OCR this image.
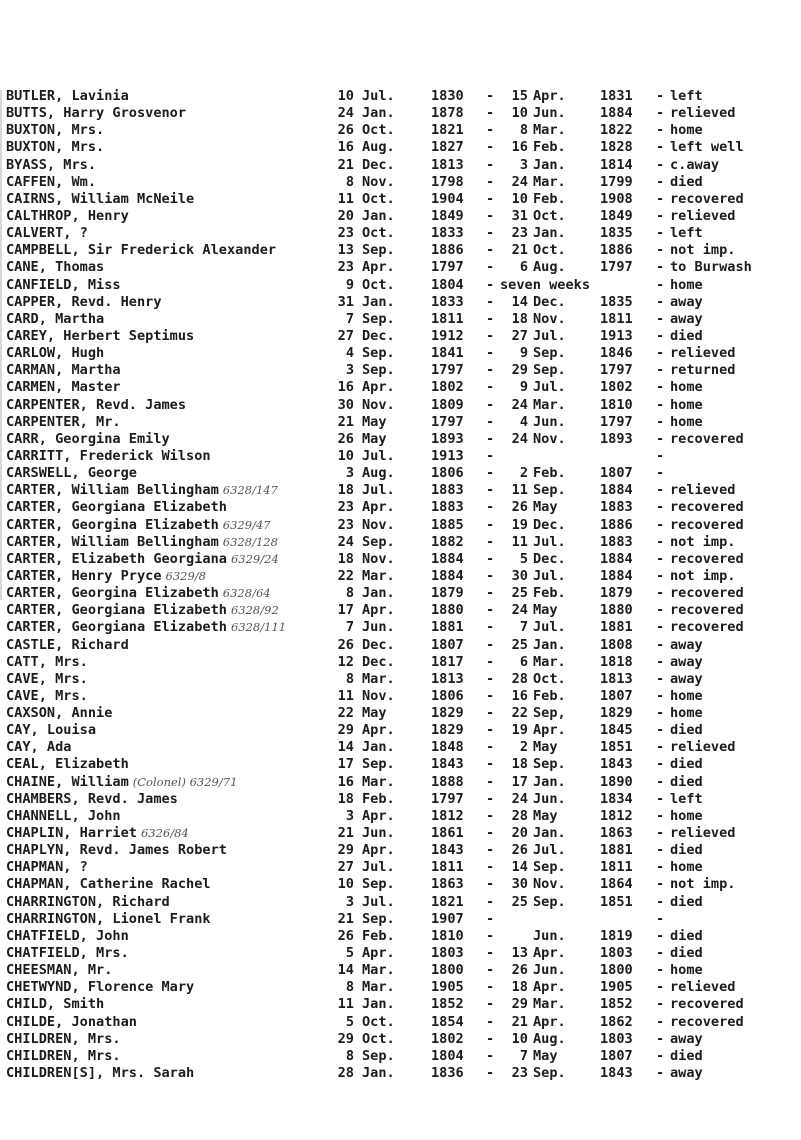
BUTLER, Lavinia	10 Jul.	1830 -	15 Apr.	1831 - left
BUTTS, Harry Grosvenor	24 Jan.	1878 -	10 Jun.	1884 - relieved
BUXTON, Mrs.	26 Oct.	1821 -	8 Mar.	1822 - home
BUXTON, Mrs.	16 Aug.	1827 -	16 Feb.	1828 - left well
BYASS, Mrs.	21 Dec.	1813 -	3 Jan.	1814 - c.away
CAFFEN, Wm.	8 Nov.	1798 -	24 Mar.	1799 - died
CAIRNS, William McNeile	11 Oct.	1904 -	10 Feb.	1908 - recovered
CALTHROP, Henry	20 Jan.	1849 -	31 Oct.	1849 - relieved
CALVERT, ?	23 Oct.	1833 -	23 Jan.	1835 - left
CAMPBELL, Sir Frederick Alexander	13 Sep.	1886 -	21 Oct.	1886 - not imp.
CANE, Thomas	23 Apr.	1797 -	6 Aug.	1797 - to Burwash
CANFIELD, Miss	9 Oct.	1804 - seven weeks	- home
CAPPER, Revd. Henry	31 Jan.	1833 -	14 Dec.	1835 - away
CARD, Martha	7 Sep.	1811 -	18 Nov.	1811 - away
CAREY, Herbert Septimus	27 Dec.	1912 -	27 Jul.	1913 - died
CARLOW, Hugh	4 Sep.	1841 -	9 Sep.	1846 - relieved
CARMAN, Martha	3 Sep.	1797 -	29 Sep.	1797 - returned
CARMEN, Master	16 Apr.	1802 -	9 Jul.	1802 - home
CARPENTER, Revd. James	30 Nov.	1809 -	24 Mar.	1810 - home
CARPENTER, Mr.	21 May	1797 -	4 Jun.	1797 - home
CARR, Georgina Emily	26 May	1893 -	24 Nov.	1893 - recovered
CARRITT, Frederick Wilson	10 Jul.	1913 -	-
CARSWELL, George	3 Aug.	1806 -	2 Feb.	1807 -
CARTER, William Bellingham 6328/147	18 Jul.	1883 -	11 Sep.	1884 - relieved
CARTER, Georgiana Elizabeth	23 Apr.	1883 -	26 May	1883 - recovered
CARTER, Georgina Elizabeth 6329/47	23 Nov.	1885 -	19 Dec.	1886 - recovered
CARTER, William Bellingham 6328/128	24 Sep.	1882 -	11 Jul.	1883 - not imp.
CARTER, Elizabeth Georgiana 6329/24	18 Nov.	1884 -	5 Dec.	1884 - recovered
CARTER, Henry Pryce 6329/8	22 Mar.	1884 -	30 Jul.	1884 - not imp.
CARTER, Georgina Elizabeth 6328/64	8 Jan.	1879 -	25 Feb.	1879 - recovered
CARTER, Georgiana Elizabeth 6328/92	17 Apr.	1880 -	24 May	1880 - recovered
CARTER, Georgiana Elizabeth 6328/111	7 Jun.	1881 -	7 Jul.	1881 - recovered
CASTLE, Richard	26 Dec.	1807 -	25 Jan.	1808 - away
CATT, Mrs.	12 Dec.	1817 -	6 Mar.	1818 - away
CAVE, Mrs.	8 Mar.	1813 -	28 Oct.	1813 - away
CAVE, Mrs.	11 Nov.	1806 -	16 Feb.	1807 - home
CAXSON, Annie	22 May	1829 -	22 Sep,	1829 - home
CAY, Louisa	29 Apr.	1829 -	19 Apr.	1845 - died
CAY, Ada	14 Jan.	1848 -	2 May	1851 - relieved
CEAL, Elizabeth	17 Sep.	1843 -	18 Sep.	1843 - died
CHAINE, William (Colonel) 6329/71	16 Mar.	1888 -	17 Jan.	1890 - died
CHAMBERS, Revd. James	18 Feb.	1797 -	24 Jun.	1834 - left
CHANNELL, John	3 Apr.	1812 -	28 May	1812 - home
CHAPLIN, Harriet 6326/84	21 Jun.	1861 -	20 Jan.	1863 - relieved
CHAPLYN, Revd. James Robert	29 Apr.	1843 -	26 Jul.	1881 - died
CHAPMAN, ?	27 Jul.	1811 -	14 Sep.	1811 - home
CHAPMAN, Catherine Rachel	10 Sep.	1863 -	30 Nov.	1864 - not imp.
CHARRINGTON, Richard	3 Jul.	1821 -	25 Sep.	1851 - died
CHARRINGTON, Lionel Frank	21 Sep.	1907 -	-
CHATFIELD, John	26 Feb.	1810 -	Jun.	1819 - died
CHATFIELD, Mrs.	5 Apr.	1803 -	13 Apr.	1803 - died
CHEESMAN, Mr.	14 Mar.	1800 -	26 Jun.	1800 - home
CHETWYND, Florence Mary	8 Mar.	1905 -	18 Apr.	1905 - relieved
CHILD, Smith	11 Jan.	1852 -	29 Mar.	1852 - recovered
CHILDE, Jonathan	5 Oct.	1854 -	21 Apr.	1862 - recovered
CHILDREN, Mrs.	29 Oct.	1802 -	10 Aug.	1803 - away
CHILDREN, Mrs.	8 Sep.	1804 -	7 May	1807 - died
CHILDREN[S], Mrs. Sarah	28 Jan.	1836 -	23 Sep.	1843 - away
